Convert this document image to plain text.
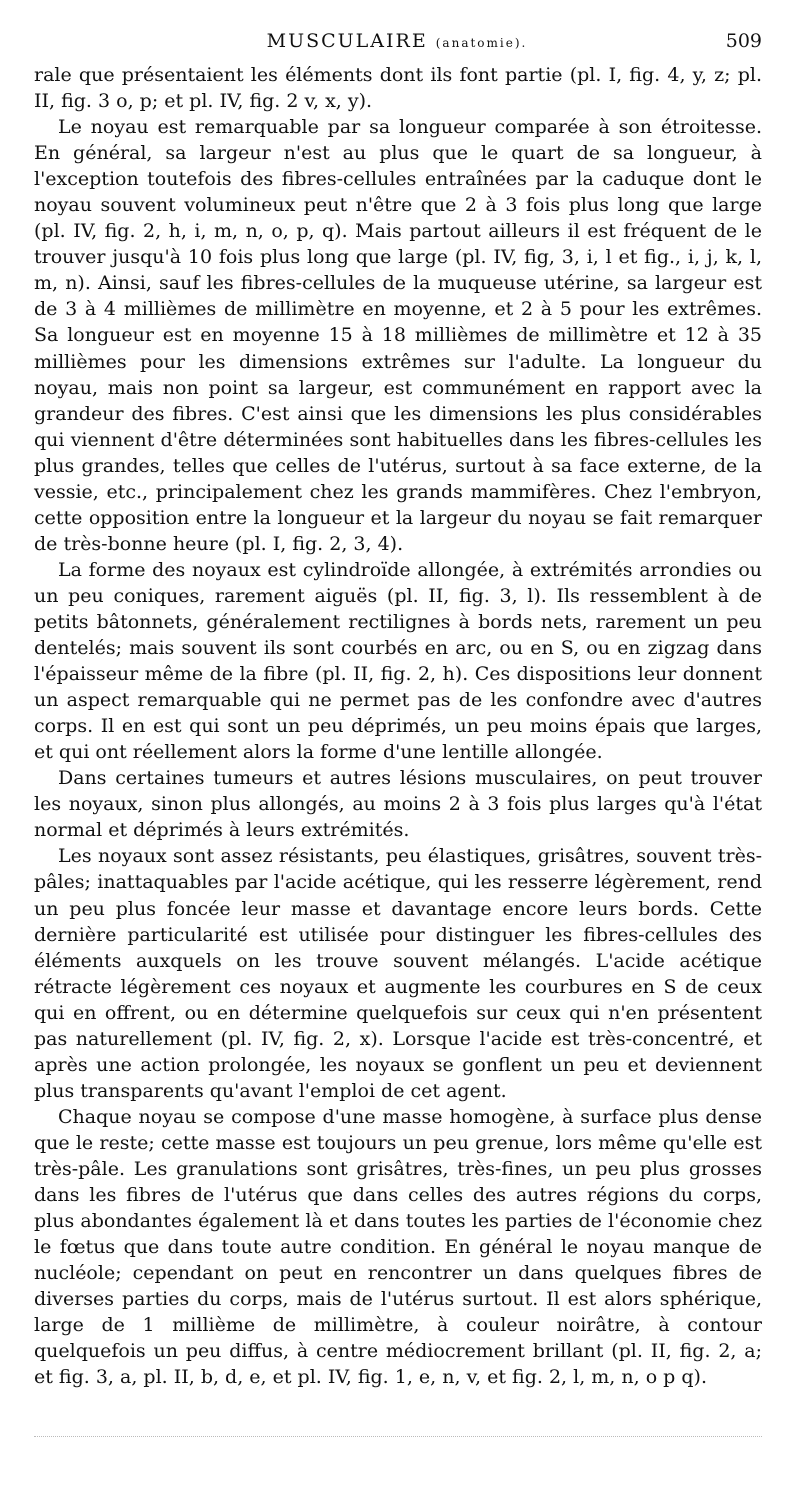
MUSCULAIRE (anatomie).	509

rale que présentaient les éléments dont ils font partie (pl. I, fig. 4, y, z; pl. II, fig. 3 o, p; et pl. IV, fig. 2 v, x, y).

Le noyau est remarquable par sa longueur comparée à son étroitesse. En général, sa largeur n'est au plus que le quart de sa longueur, à l'exception toutefois des fibres-cellules entraînées par la caduque dont le noyau souvent volumineux peut n'être que 2 à 3 fois plus long que large (pl. IV, fig. 2, h, i, m, n, o, p, q). Mais partout ailleurs il est fréquent de le trouver jusqu'à 10 fois plus long que large (pl. IV, fig, 3, i, l et fig., i, j, k, l, m, n). Ainsi, sauf les fibres-cellules de la muqueuse utérine, sa largeur est de 3 à 4 millièmes de millimètre en moyenne, et 2 à 5 pour les extrêmes. Sa longueur est en moyenne 15 à 18 millièmes de millimètre et 12 à 35 millièmes pour les dimensions extrêmes sur l'adulte. La longueur du noyau, mais non point sa largeur, est communément en rapport avec la grandeur des fibres. C'est ainsi que les dimensions les plus considérables qui viennent d'être déterminées sont habituelles dans les fibres-cellules les plus grandes, telles que celles de l'utérus, surtout à sa face externe, de la vessie, etc., principalement chez les grands mammifères. Chez l'embryon, cette opposition entre la longueur et la largeur du noyau se fait remarquer de très-bonne heure (pl. I, fig. 2, 3, 4).

La forme des noyaux est cylindroïde allongée, à extrémités arrondies ou un peu coniques, rarement aiguës (pl. II, fig. 3, l). Ils ressemblent à de petits bâtonnets, généralement rectilignes à bords nets, rarement un peu dentelés; mais souvent ils sont courbés en arc, ou en S, ou en zigzag dans l'épaisseur même de la fibre (pl. II, fig. 2, h). Ces dispositions leur donnent un aspect remarquable qui ne permet pas de les confondre avec d'autres corps. Il en est qui sont un peu déprimés, un peu moins épais que larges, et qui ont réellement alors la forme d'une lentille allongée.

Dans certaines tumeurs et autres lésions musculaires, on peut trouver les noyaux, sinon plus allongés, au moins 2 à 3 fois plus larges qu'à l'état normal et déprimés à leurs extrémités.

Les noyaux sont assez résistants, peu élastiques, grisâtres, souvent très-pâles; inattaquables par l'acide acétique, qui les resserre légèrement, rend un peu plus foncée leur masse et davantage encore leurs bords. Cette dernière particularité est utilisée pour distinguer les fibres-cellules des éléments auxquels on les trouve souvent mélangés. L'acide acétique rétracte légèrement ces noyaux et augmente les courbures en S de ceux qui en offrent, ou en détermine quelquefois sur ceux qui n'en présentent pas naturellement (pl. IV, fig. 2, x). Lorsque l'acide est très-concentré, et après une action prolongée, les noyaux se gonflent un peu et deviennent plus transparents qu'avant l'emploi de cet agent.

Chaque noyau se compose d'une masse homogène, à surface plus dense que le reste; cette masse est toujours un peu grenue, lors même qu'elle est très-pâle. Les granulations sont grisâtres, très-fines, un peu plus grosses dans les fibres de l'utérus que dans celles des autres régions du corps, plus abondantes également là et dans toutes les parties de l'économie chez le fœtus que dans toute autre condition. En général le noyau manque de nucléole; cependant on peut en rencontrer un dans quelques fibres de diverses parties du corps, mais de l'utérus surtout. Il est alors sphérique, large de 1 millième de millimètre, à couleur noirâtre, à contour quelquefois un peu diffus, à centre médiocrement brillant (pl. II, fig. 2, a; et fig. 3, a, pl. II, b, d, e, et pl. IV, fig. 1, e, n, v, et fig. 2, l, m, n, o p q).
